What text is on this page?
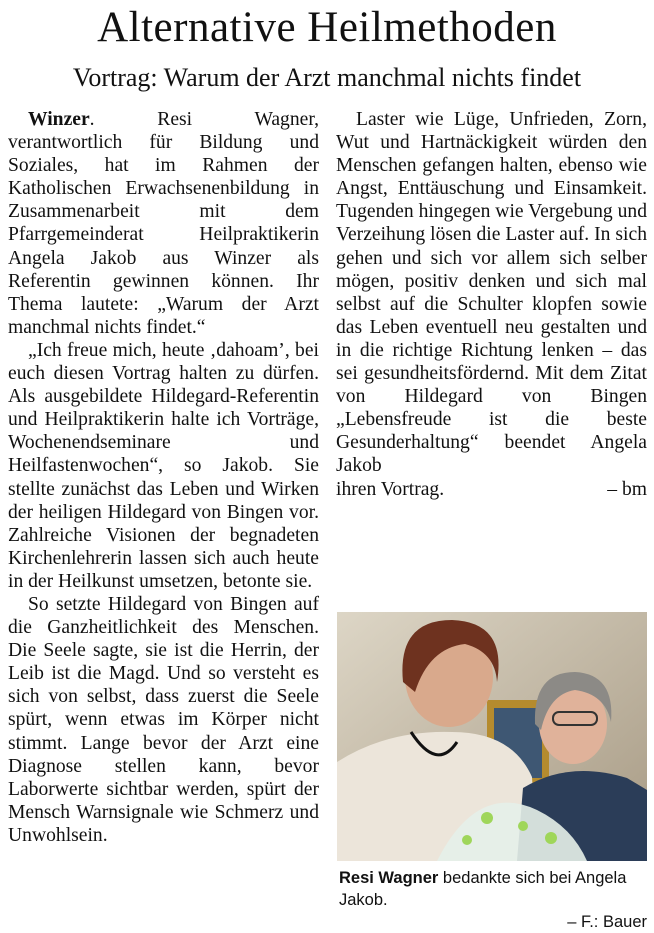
Alternative Heilmethoden
Vortrag: Warum der Arzt manchmal nichts findet

Winzer. Resi Wagner, verantwortlich für Bildung und Soziales, hat im Rahmen der Katholischen Erwachsenenbildung in Zusammenarbeit mit dem Pfarrgemeinderat Heilpraktikerin Angela Jakob aus Winzer als Referentin gewinnen können. Ihr Thema lautete: „Warum der Arzt manchmal nichts findet.“

„Ich freue mich, heute ‚dahoam’, bei euch diesen Vortrag halten zu dürfen. Als ausgebildete Hildegard-Referentin und Heilpraktikerin halte ich Vorträge, Wochenendseminare und Heilfastenwochen“, so Jakob. Sie stellte zunächst das Leben und Wirken der heiligen Hildegard von Bingen vor. Zahlreiche Visionen der begnadeten Kirchenlehrerin lassen sich auch heute in der Heilkunst umsetzen, betonte sie.

So setzte Hildegard von Bingen auf die Ganzheitlichkeit des Menschen. Die Seele sagte, sie ist die Herrin, der Leib ist die Magd. Und so versteht es sich von selbst, dass zuerst die Seele spürt, wenn etwas im Körper nicht stimmt. Lange bevor der Arzt eine Diagnose stellen kann, bevor Laborwerte sichtbar werden, spürt der Mensch Warnsignale wie Schmerz und Unwohlsein.

Laster wie Lüge, Unfrieden, Zorn, Wut und Hartnäckigkeit würden den Menschen gefangen halten, ebenso wie Angst, Enttäuschung und Einsamkeit. Tugenden hingegen wie Vergebung und Verzeihung lösen die Laster auf. In sich gehen und sich vor allem sich selber mögen, positiv denken und sich mal selbst auf die Schulter klopfen sowie das Leben eventuell neu gestalten und in die richtige Richtung lenken – das sei gesundheitsfördernd. Mit dem Zitat von Hildegard von Bingen „Lebensfreude ist die beste Gesunderhaltung“ beendet Angela Jakob

ihren Vortrag.	– bm

Resi Wagner bedankte sich bei Angela Jakob.

– F.: Bauer
